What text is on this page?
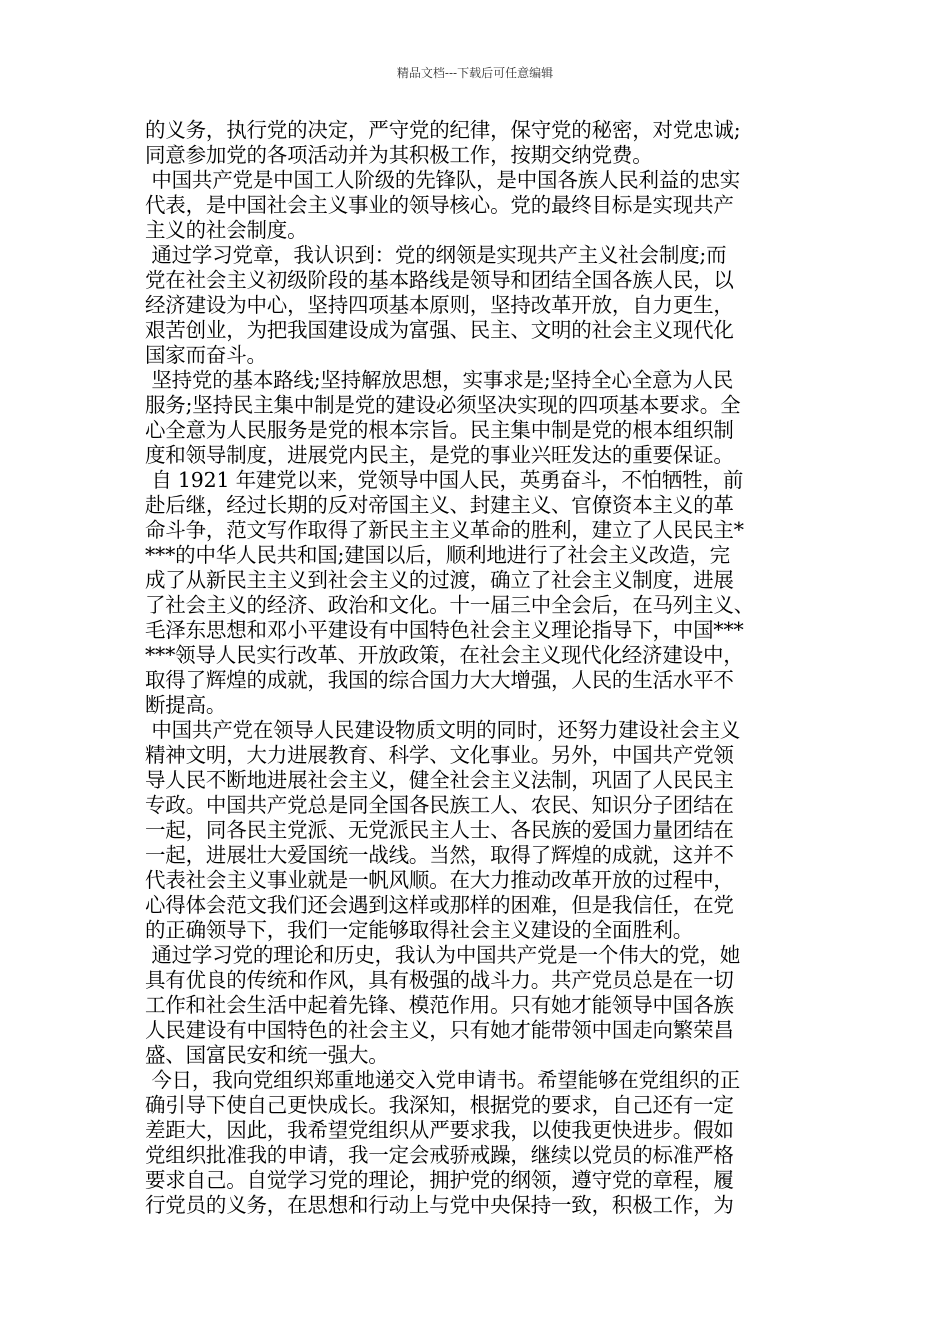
精品文档---下载后可任意编辑
的义务，执行党的决定，严守党的纪律，保守党的秘密，对党忠诚;
同意参加党的各项活动并为其积极工作，按期交纳党费。
中国共产党是中国工人阶级的先锋队，是中国各族人民利益的忠实
代表，是中国社会主义事业的领导核心。党的最终目标是实现共产
主义的社会制度。
通过学习党章，我认识到：党的纲领是实现共产主义社会制度;而
党在社会主义初级阶段的基本路线是领导和团结全国各族人民，以
经济建设为中心，坚持四项基本原则，坚持改革开放，自力更生，
艰苦创业，为把我国建设成为富强、民主、文明的社会主义现代化
国家而奋斗。
坚持党的基本路线;坚持解放思想，实事求是;坚持全心全意为人民
服务;坚持民主集中制是党的建设必须坚决实现的四项基本要求。全
心全意为人民服务是党的根本宗旨。民主集中制是党的根本组织制
度和领导制度，进展党内民主，是党的事业兴旺发达的重要保证。
自 1921 年建党以来，党领导中国人民，英勇奋斗，不怕牺牲，前
赴后继，经过长期的反对帝国主义、封建主义、官僚资本主义的革
命斗争，范文写作取得了新民主主义革命的胜利，建立了人民民主*
***的中华人民共和国;建国以后，顺利地进行了社会主义改造，完
成了从新民主主义到社会主义的过渡，确立了社会主义制度，进展
了社会主义的经济、政治和文化。十一届三中全会后，在马列主义、
毛泽东思想和邓小平建设有中国特色社会主义理论指导下，中国***
***领导人民实行改革、开放政策，在社会主义现代化经济建设中，
取得了辉煌的成就，我国的综合国力大大增强，人民的生活水平不
断提高。
中国共产党在领导人民建设物质文明的同时，还努力建设社会主义
精神文明，大力进展教育、科学、文化事业。另外，中国共产党领
导人民不断地进展社会主义，健全社会主义法制，巩固了人民民主
专政。中国共产党总是同全国各民族工人、农民、知识分子团结在
一起，同各民主党派、无党派民主人士、各民族的爱国力量团结在
一起，进展壮大爱国统一战线。当然，取得了辉煌的成就，这并不
代表社会主义事业就是一帆风顺。在大力推动改革开放的过程中，
心得体会范文我们还会遇到这样或那样的困难，但是我信任，在党
的正确领导下，我们一定能够取得社会主义建设的全面胜利。
通过学习党的理论和历史，我认为中国共产党是一个伟大的党，她
具有优良的传统和作风，具有极强的战斗力。共产党员总是在一切
工作和社会生活中起着先锋、模范作用。只有她才能领导中国各族
人民建设有中国特色的社会主义，只有她才能带领中国走向繁荣昌
盛、国富民安和统一强大。
今日，我向党组织郑重地递交入党申请书。希望能够在党组织的正
确引导下使自己更快成长。我深知，根据党的要求，自己还有一定
差距大，因此，我希望党组织从严要求我，以使我更快进步。假如
党组织批准我的申请，我一定会戒骄戒躁，继续以党员的标准严格
要求自己。自觉学习党的理论，拥护党的纲领，遵守党的章程，履
行党员的义务，在思想和行动上与党中央保持一致，积极工作，为
